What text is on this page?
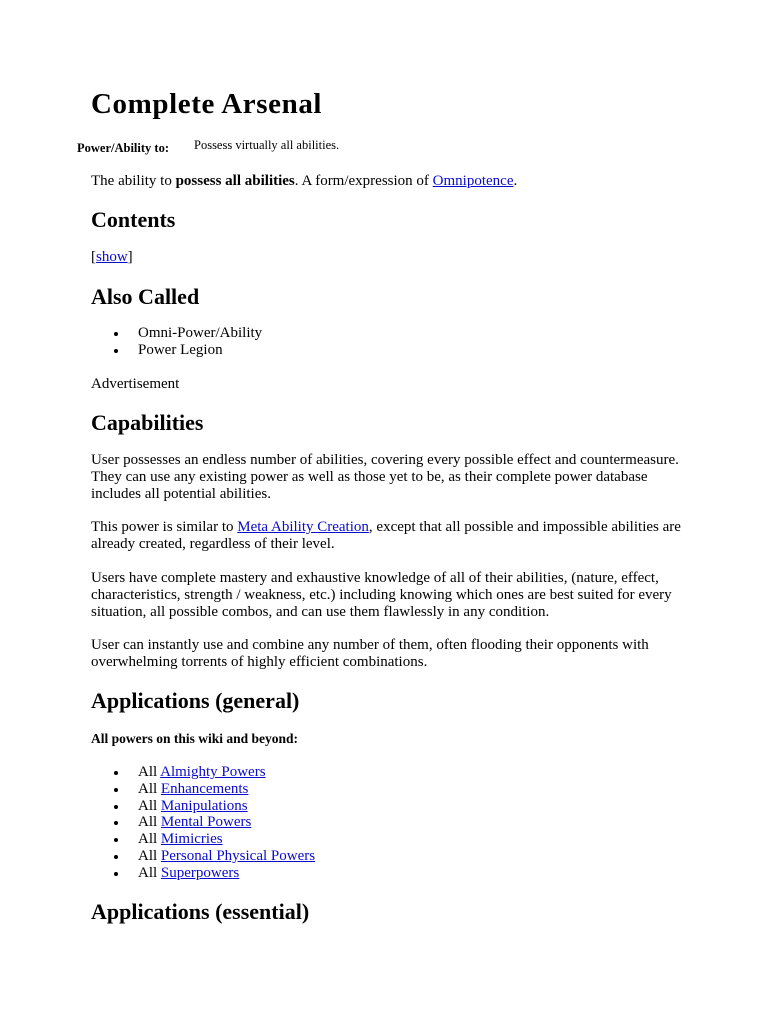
Complete Arsenal
Power/Ability to: Possess virtually all abilities.

The ability to possess all abilities. A form/expression of Omnipotence.

Contents

[show]

Also Called
Omni-Power/Ability
Power Legion

Advertisement

Capabilities

User possesses an endless number of abilities, covering every possible effect and countermeasure. They can use any existing power as well as those yet to be, as their complete power database includes all potential abilities.

This power is similar to Meta Ability Creation, except that all possible and impossible abilities are already created, regardless of their level.

Users have complete mastery and exhaustive knowledge of all of their abilities, (nature, effect, characteristics, strength / weakness, etc.) including knowing which ones are best suited for every situation, all possible combos, and can use them flawlessly in any condition.

User can instantly use and combine any number of them, often flooding their opponents with overwhelming torrents of highly efficient combinations.

Applications (general)

All powers on this wiki and beyond:

All Almighty Powers
All Enhancements
All Manipulations
All Mental Powers
All Mimicries
All Personal Physical Powers
All Superpowers
Applications (essential)
